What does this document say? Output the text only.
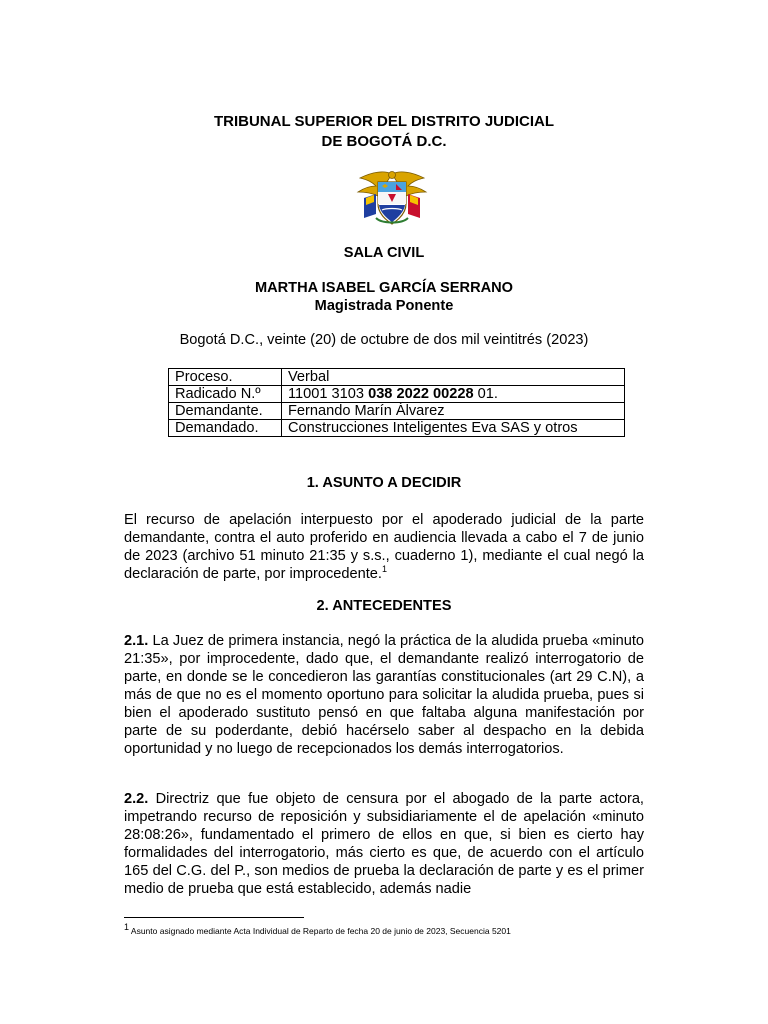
TRIBUNAL SUPERIOR DEL DISTRITO JUDICIAL
DE BOGOTÁ D.C.
SALA CIVIL
MARTHA ISABEL GARCÍA SERRANO
Magistrada Ponente
Bogotá D.C., veinte (20) de octubre de dos mil veintitrés (2023)
Proceso.	Verbal
Radicado N.º	11001 3103 038 2022 00228 01.
Demandante.	Fernando Marín Álvarez
Demandado.	Construcciones Inteligentes Eva SAS y otros
1. ASUNTO A DECIDIR
El recurso de apelación interpuesto por el apoderado judicial de la parte demandante, contra el auto proferido en audiencia llevada a cabo el 7 de junio de 2023 (archivo 51 minuto 21:35 y s.s., cuaderno 1), mediante el cual negó la declaración de parte, por improcedente.$^1$
2. ANTECEDENTES
2.1. La Juez de primera instancia, negó la práctica de la aludida prueba «minuto 21:35», por improcedente, dado que, el demandante realizó interrogatorio de parte, en donde se le concedieron las garantías constitucionales (art 29 C.N), a más de que no es el momento oportuno para solicitar la aludida prueba, pues si bien el apoderado sustituto pensó en que faltaba alguna manifestación por parte de su poderdante, debió hacérselo saber al despacho en la debida oportunidad y no luego de recepcionados los demás interrogatorios.
2.2. Directriz que fue objeto de censura por el abogado de la parte actora, impetrando recurso de reposición y subsidiariamente el de apelación «minuto 28:08:26», fundamentado el primero de ellos en que, si bien es cierto hay formalidades del interrogatorio, más cierto es que, de acuerdo con el artículo 165 del C.G. del P., son medios de prueba la declaración de parte y es el primer medio de prueba que está establecido, además nadie
$^1$ Asunto asignado mediante Acta Individual de Reparto de fecha 20 de junio de 2023, Secuencia 5201
